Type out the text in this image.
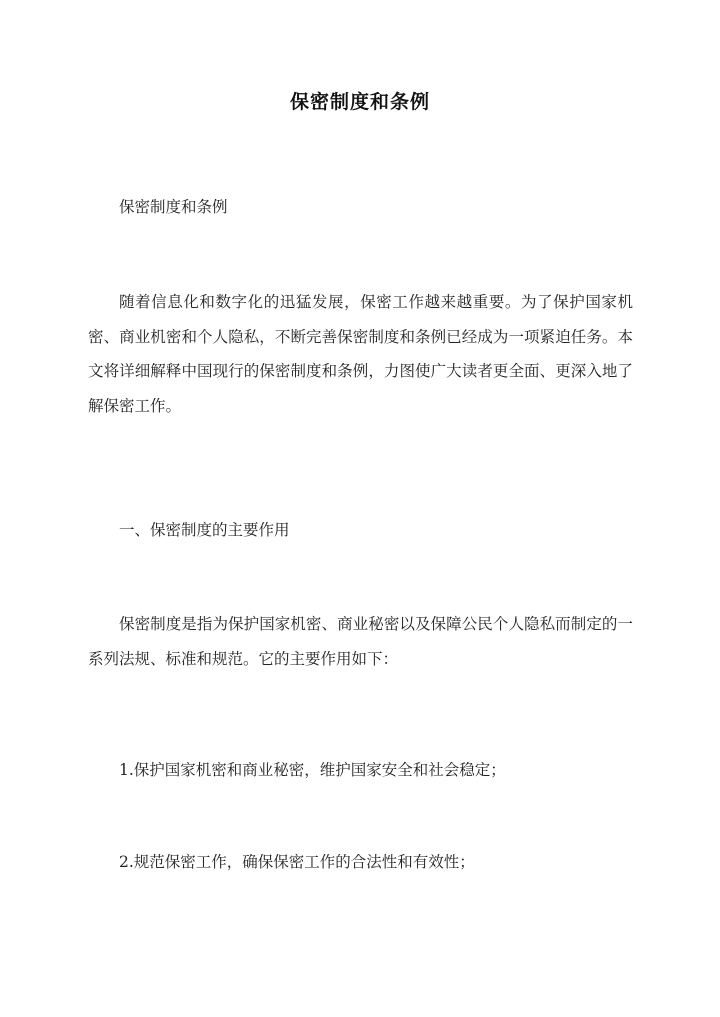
保密制度和条例

保密制度和条例

随着信息化和数字化的迅猛发展，保密工作越来越重要。为了保护国家机密、商业机密和个人隐私，不断完善保密制度和条例已经成为一项紧迫任务。本文将详细解释中国现行的保密制度和条例，力图使广大读者更全面、更深入地了解保密工作。

一、保密制度的主要作用

保密制度是指为保护国家机密、商业秘密以及保障公民个人隐私而制定的一系列法规、标准和规范。它的主要作用如下：

1.保护国家机密和商业秘密，维护国家安全和社会稳定；

2.规范保密工作，确保保密工作的合法性和有效性；
